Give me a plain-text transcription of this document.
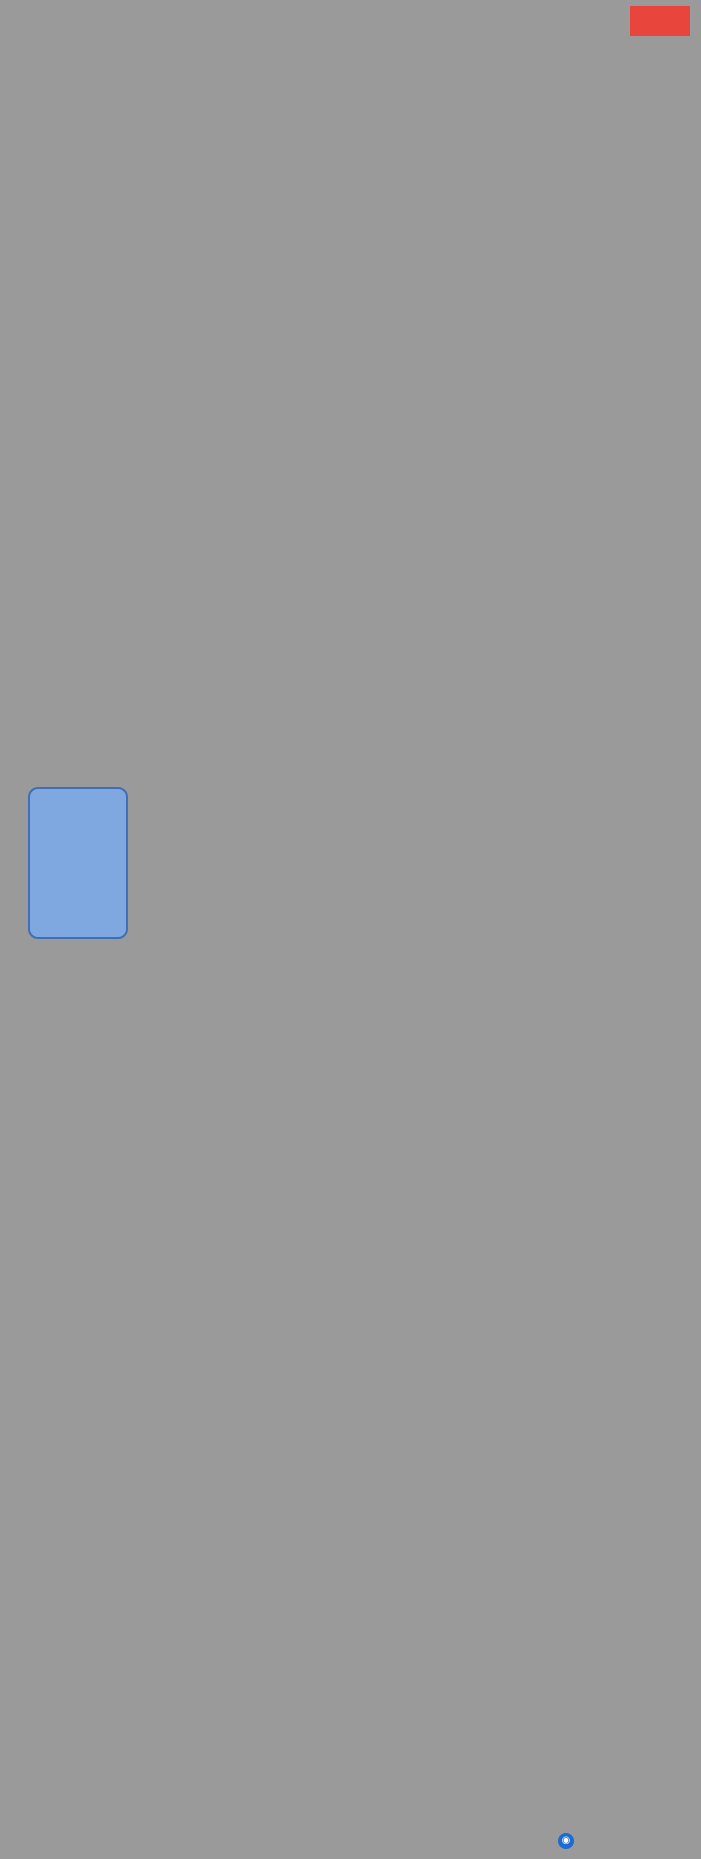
◉
